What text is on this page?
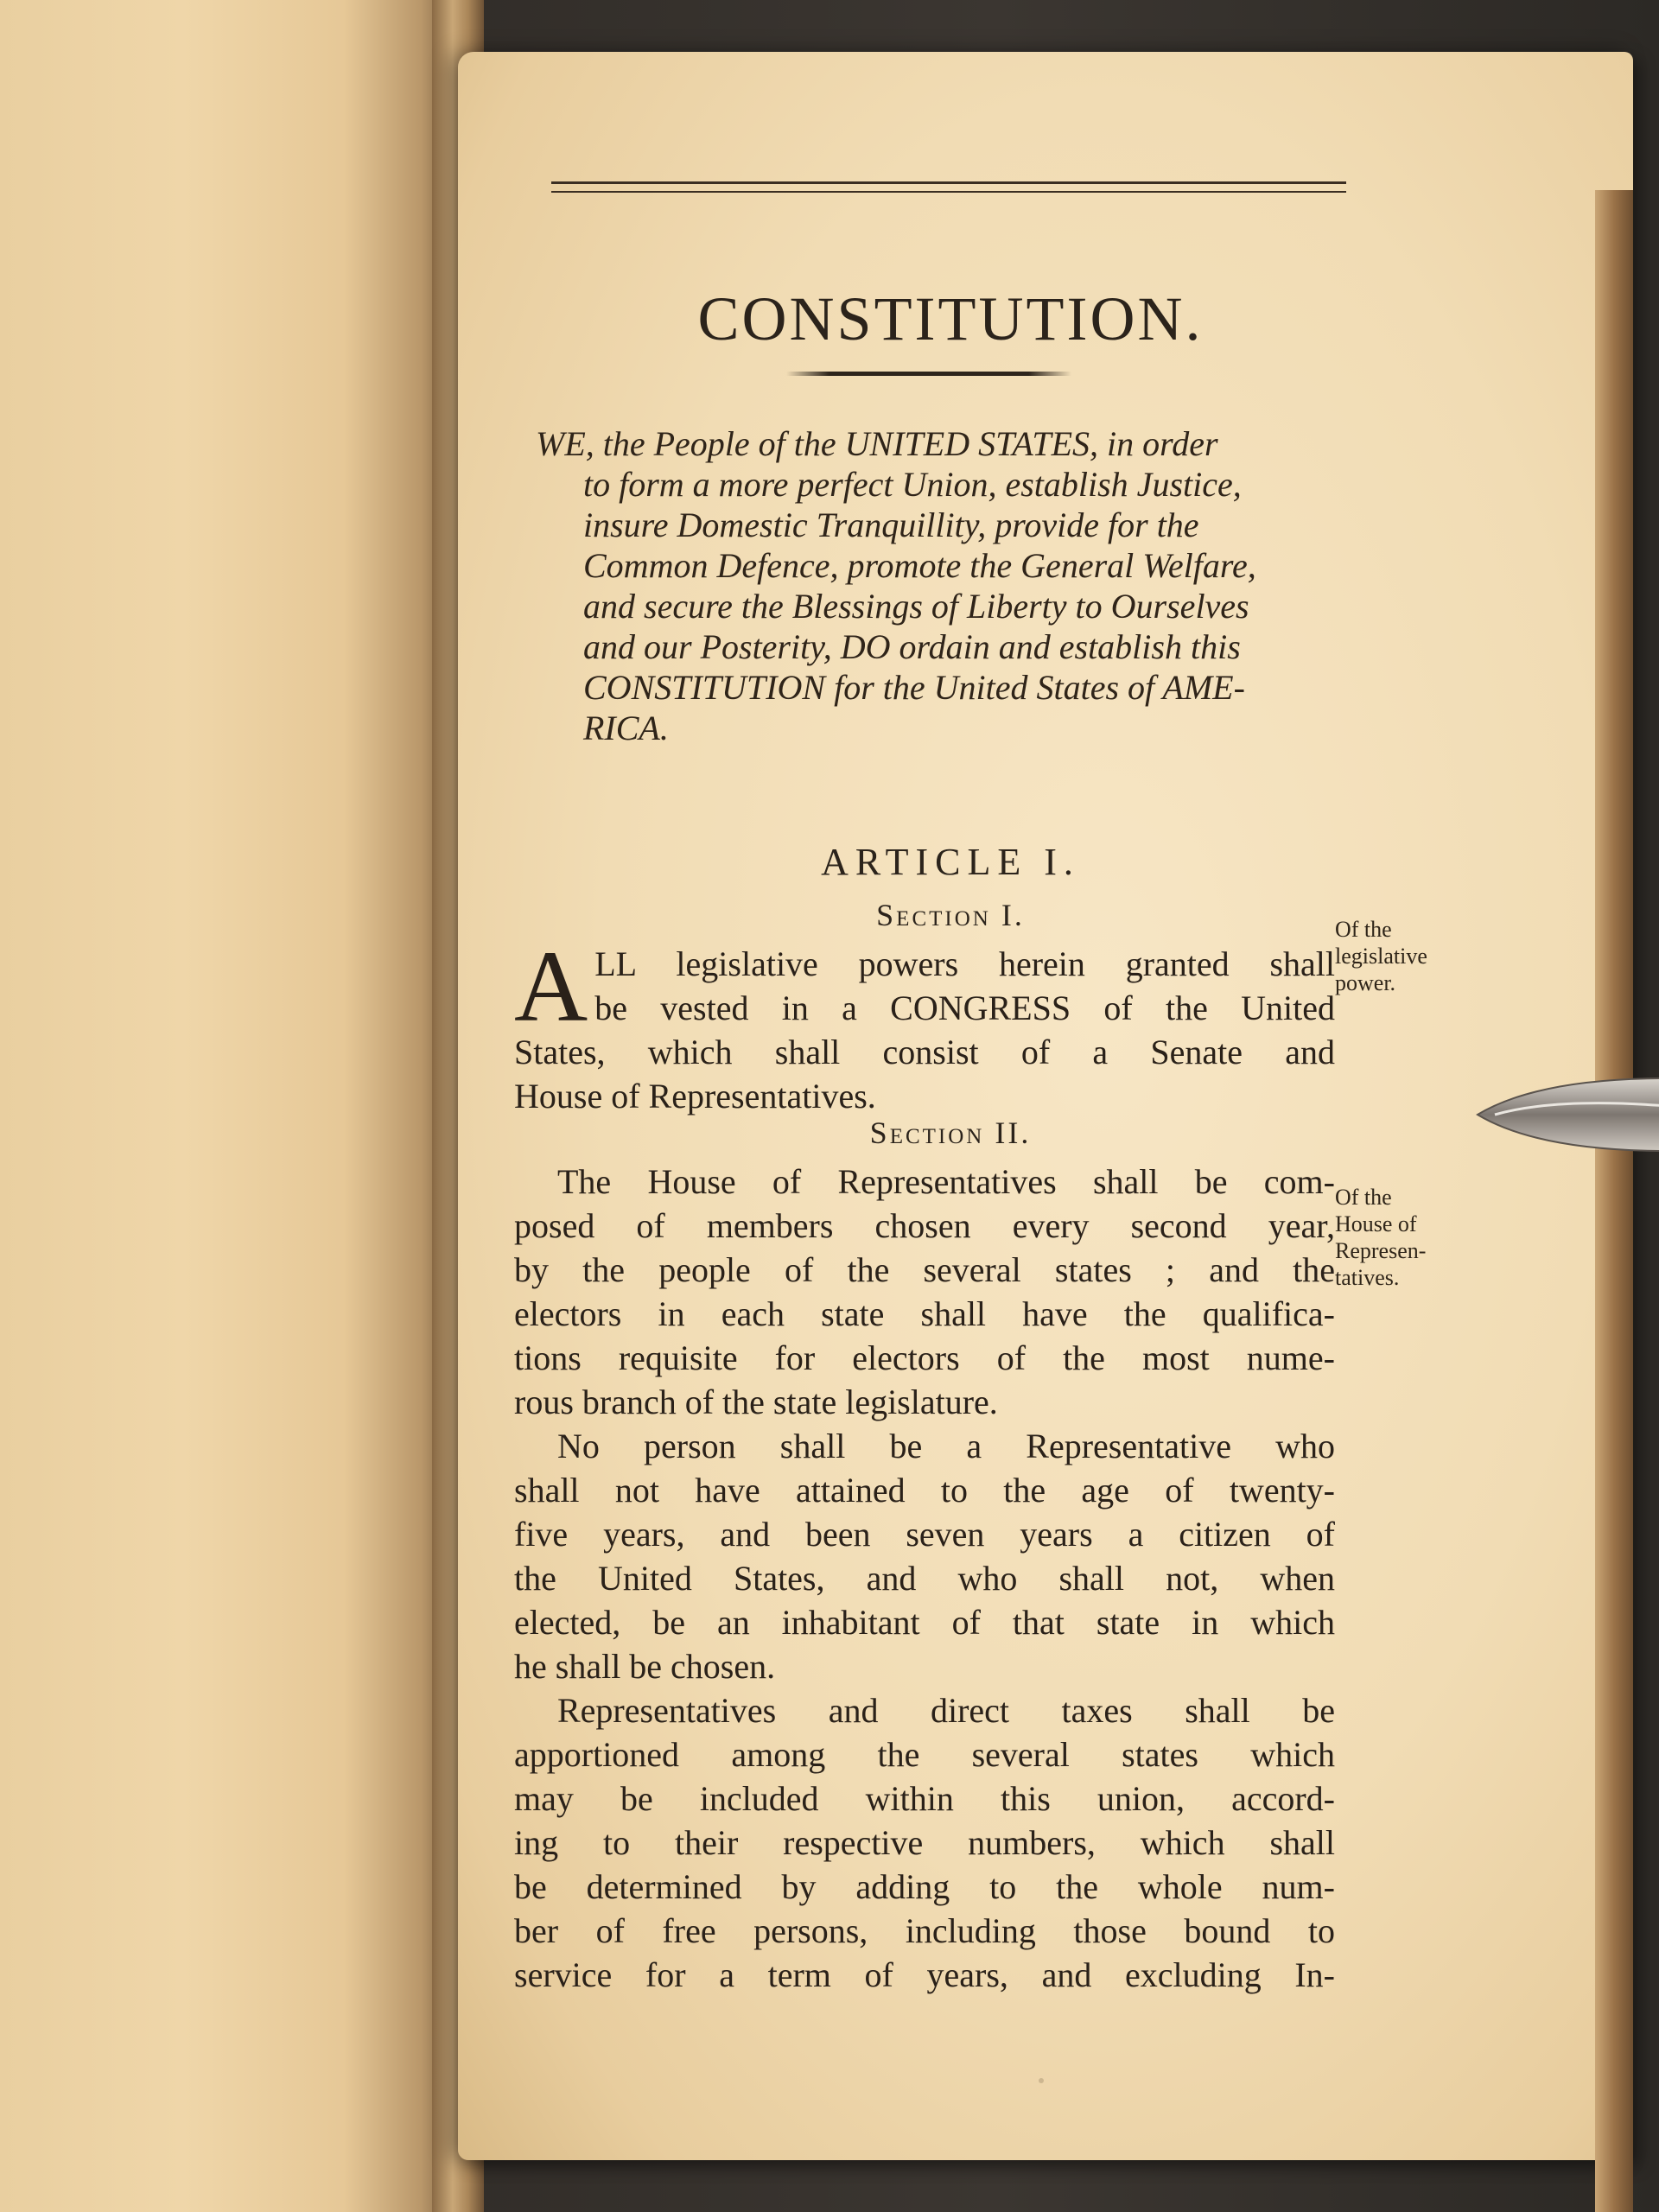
CONSTITUTION.
WE, the People of the UNITED STATES, in order
to form a more perfect Union, establish Justice,
insure Domestic Tranquillity, provide for the
Common Defence, promote the General Welfare,
and secure the Blessings of Liberty to Ourselves
and our Posterity, DO ordain and establish this
CONSTITUTION for the United States of AME-
RICA.
ARTICLE I.
Section I.
A LL legislative powers herein granted shall
be vested in a CONGRESS of the United
States, which shall consist of a Senate and
House of Representatives.
Of the
legislative
power.
Section II.
The House of Representatives shall be com-
posed of members chosen every second year,
by the people of the several states ; and the
electors in each state shall have the qualifica-
tions requisite for electors of the most nume-
rous branch of the state legislature.
Of the
House of
Represen-
tatives.
No person shall be a Representative who
shall not have attained to the age of twenty-
five years, and been seven years a citizen of
the United States, and who shall not, when
elected, be an inhabitant of that state in which
he shall be chosen.
Representatives and direct taxes shall be
apportioned among the several states which
may be included within this union, accord-
ing to their respective numbers, which shall
be determined by adding to the whole num-
ber of free persons, including those bound to
service for a term of years, and excluding In-
